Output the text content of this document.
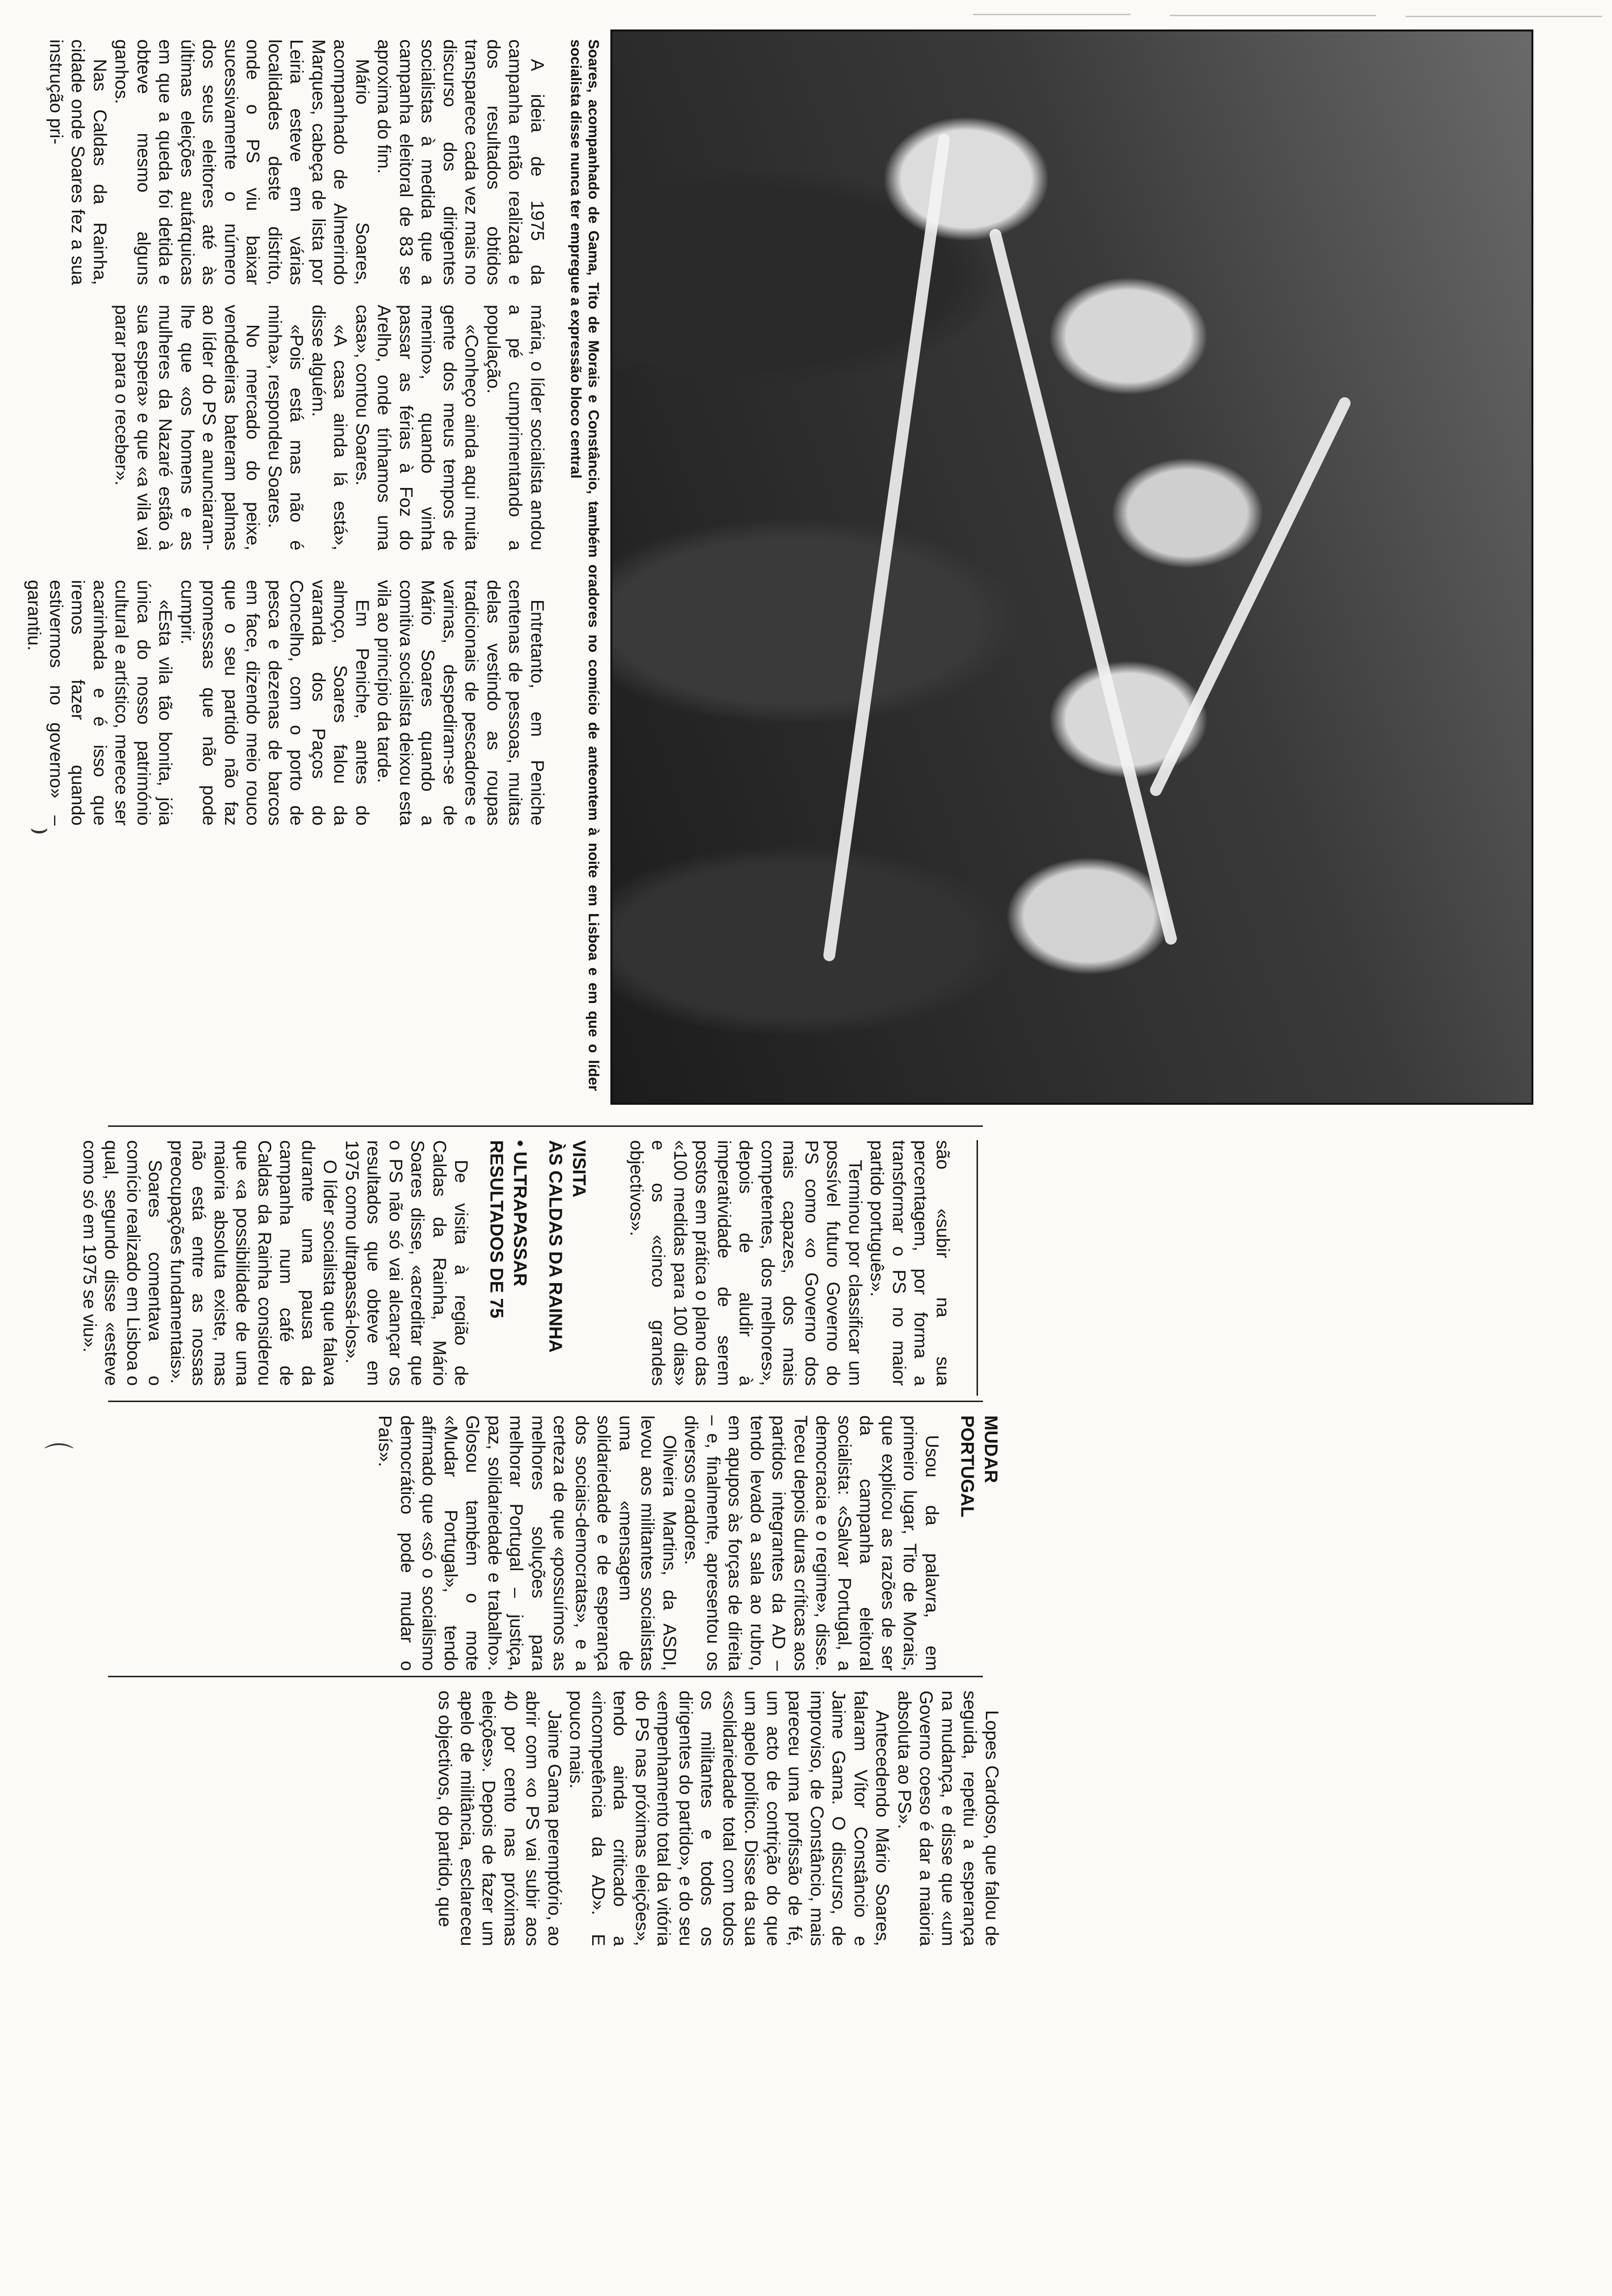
⌣
⌒
Soares, acompanhado de Gama, Tito de Morais e Constâncio, também oradores no comício de anteontem à noite em Lisboa e em que o líder socialista disse nunca ter empregue a expressão bloco central
A ideia de 1975 da campanha então realizada e dos resultados obtidos transparece cada vez mais no discurso dos dirigentes socialistas à medida que a campanha eleitoral de 83 se aproxima do fim.
Mário Soares, acompanhado de Almerindo Marques, cabeça de lista por Leiria esteve em várias localidades deste distrito, onde o PS viu baixar sucessivamente o número dos seus eleitores até às últimas eleições autárquicas em que a queda foi detida e obteve mesmo alguns ganhos.
Nas Caldas da Rainha, cidade onde Soares fez a sua instrução pri-
mária, o líder socialista andou a pé cumprimentando a população.
«Conheço ainda aqui muita gente dos meus tempos de menino», quando vinha passar as férias à Foz do Arelho, onde tínhamos uma casa», contou Soares.
«A casa ainda lá está», disse alguém.
«Pois está mas não é minha», respondeu Soares.
No mercado do peixe, vendedeiras bateram palmas ao líder do PS e anunciaram-lhe que «os homens e as mulheres da Nazaré estão à sua espera» e que «a vila vai parar para o receber».
Entretanto, em Peniche centenas de pessoas, muitas delas vestindo as roupas tradicionais de pescadores e varinas, despediram-se de Mário Soares quando a comitiva socialista deixou esta vila ao princípio da tarde.
Em Peniche, antes do almoço, Soares falou da varanda dos Paços do Concelho, com o porto de pesca e dezenas de barcos em face, dizendo meio rouco que o seu partido não faz promessas que não pode cumprir.
«Esta vila tão bonita, jóia única do nosso património cultural e artístico, merece ser acarinhada e é isso que iremos fazer quando estivermos no governo» – garantiu.
são «subir na sua percentagem, por forma a transformar o PS no maior partido português».
Terminou por classificar um possível futuro Governo do PS como «o Governo dos mais capazes, dos mais competentes, dos melhores», depois de aludir à imperatividade de serem postos em prática o plano das «100 medidas para 100 dias» e os «cinco grandes objectivos».
VISITA
ÀS CALDAS DA RAINHA
• ULTRAPASSAR
RESULTADOS DE 75
De visita à região de Caldas da Rainha, Mário Soares disse, «acreditar que o PS não só vai alcançar os resultados que obteve em 1975 como ultrapassá-los».
O líder socialista que falava durante uma pausa da campanha num café de Caldas da Rainha considerou que «a possibilidade de uma maioria absoluta existe, mas não está entre as nossas preocupações fundamentais».
Soares comentava o comício realizado em Lisboa o qual, segundo disse «esteve como só em 1975 se viu».
MUDAR
PORTUGAL
Usou da palavra, em primeiro lugar, Tito de Morais, que explicou as razões de ser da campanha eleitoral socialista: «Salvar Portugal, a democracia e o regime», disse. Teceu depois duras críticas aos partidos integrantes da AD – tendo levado a sala ao rubro, em apupos às forças de direita – e, finalmente, apresentou os diversos oradores.
Oliveira Martins, da ASDI, levou aos militantes socialistas uma «mensagem de solidariedade e de esperança dos sociais-democratas», e a certeza de que «possuímos as melhores soluções para melhorar Portugal – justiça, paz, solidariedade e trabalho». Glosou também o mote «Mudar Portugal», tendo afirmado que «só o socialismo democrático pode mudar o País».
Lopes Cardoso, que falou de seguida, repetiu a esperança na mudança, e disse que «um Governo coeso é dar a maioria absoluta ao PS».
Antecedendo Mário Soares, falaram Vítor Constâncio e Jaime Gama. O discurso, de improviso, de Constâncio, mais pareceu uma profissão de fé, um acto de contrição do que um apelo político. Disse da sua «solidariedade total com todos os militantes e todos os dirigentes do partido», e do seu «empenhamento total da vitória do PS nas próximas eleições», tendo ainda criticado a «incompetência da AD». E pouco mais.
Jaime Gama peremptório, ao abrir com «o PS vai subir aos 40 por cento nas próximas eleições». Depois de fazer um apelo de militância, esclareceu os objectivos, do partido, que
